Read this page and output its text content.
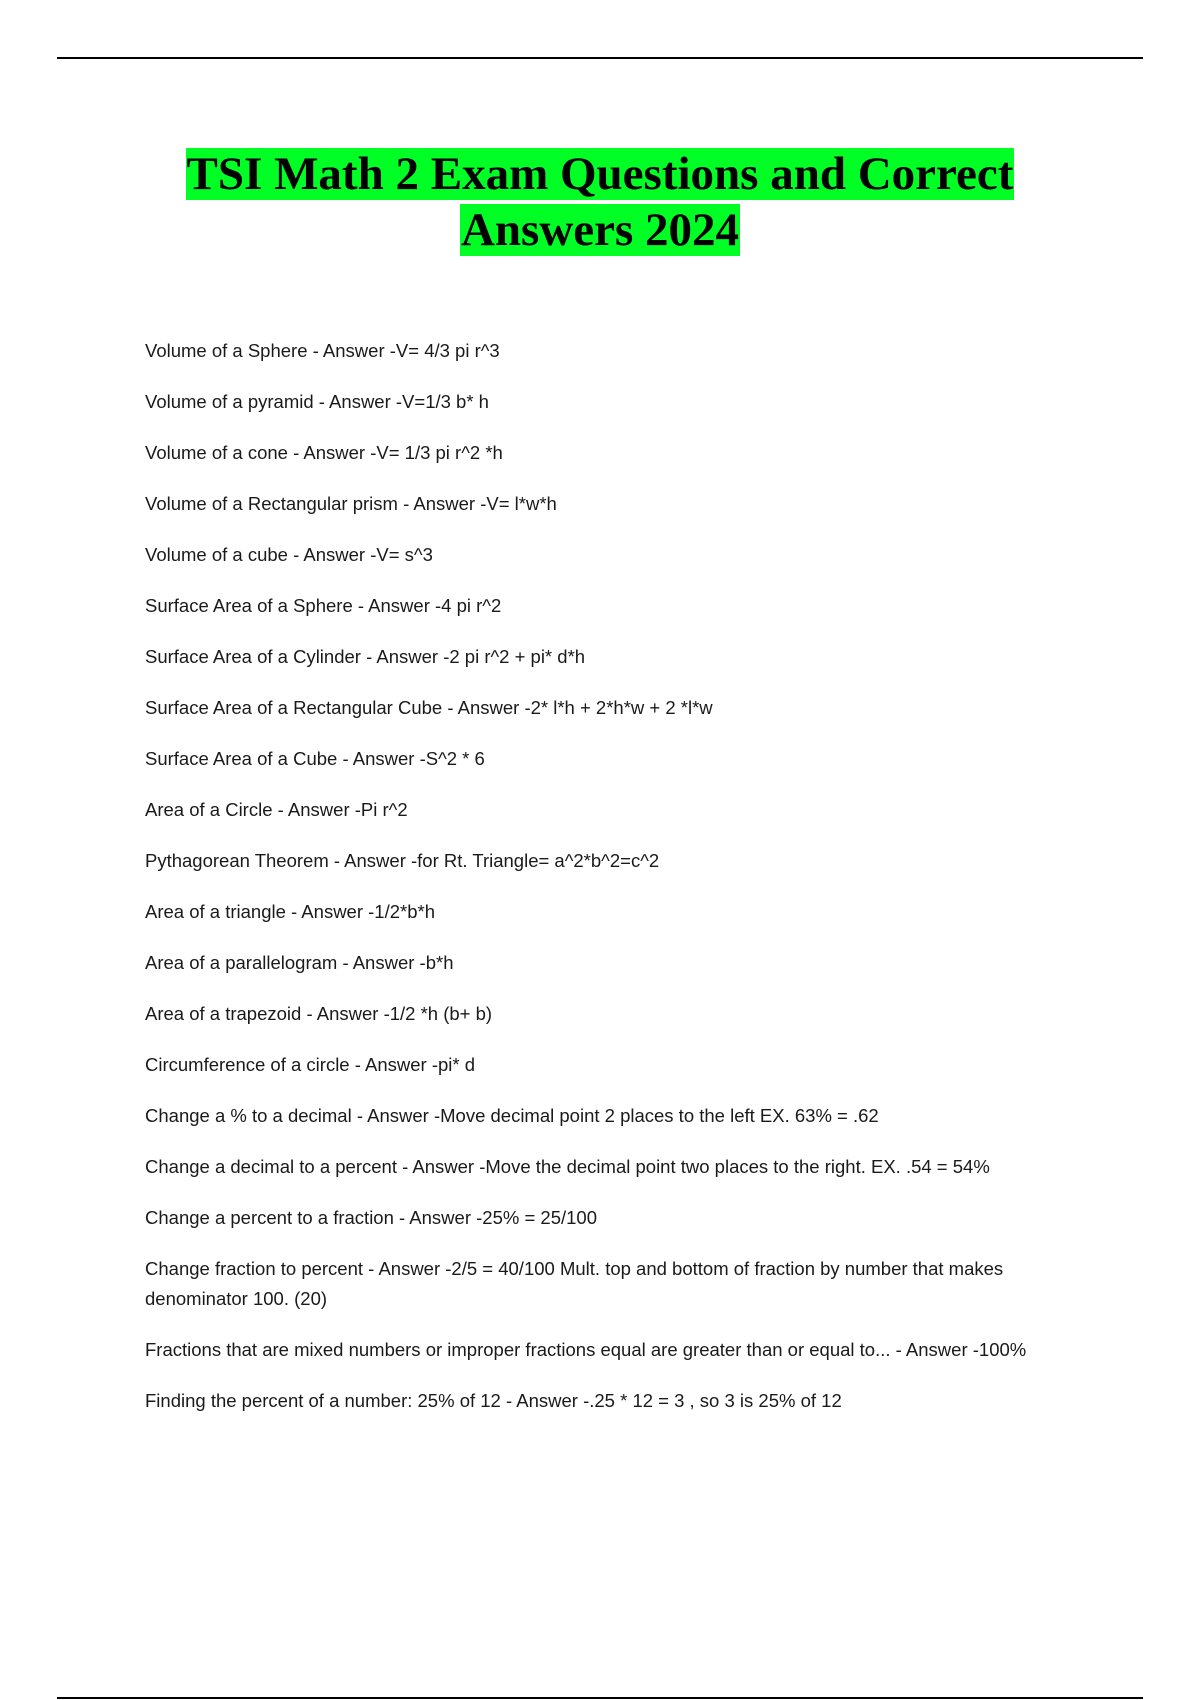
TSI Math 2 Exam Questions and Correct
Answers 2024
Volume of a Sphere - Answer -V= 4/3 pi r^3
Volume of a pyramid - Answer -V=1/3 b* h
Volume of a cone - Answer -V= 1/3 pi r^2 *h
Volume of a Rectangular prism - Answer -V= l*w*h
Volume of a cube - Answer -V= s^3
Surface Area of a Sphere - Answer -4 pi r^2
Surface Area of a Cylinder - Answer -2 pi r^2 + pi* d*h
Surface Area of a Rectangular Cube - Answer -2* l*h + 2*h*w + 2 *l*w
Surface Area of a Cube - Answer -S^2 * 6
Area of a Circle - Answer -Pi r^2
Pythagorean Theorem - Answer -for Rt. Triangle= a^2*b^2=c^2
Area of a triangle - Answer -1/2*b*h
Area of a parallelogram - Answer -b*h
Area of a trapezoid - Answer -1/2 *h (b+ b)
Circumference of a circle - Answer -pi* d
Change a % to a decimal - Answer -Move decimal point 2 places to the left EX. 63% = .62
Change a decimal to a percent - Answer -Move the decimal point two places to the right. EX. .54 = 54%
Change a percent to a fraction - Answer -25% = 25/100
Change fraction to percent - Answer -2/5 = 40/100 Mult. top and bottom of fraction by number that makes denominator 100. (20)
Fractions that are mixed numbers or improper fractions equal are greater than or equal to... - Answer -100%
Finding the percent of a number: 25% of 12 - Answer -.25 * 12 = 3 , so 3 is 25% of 12
